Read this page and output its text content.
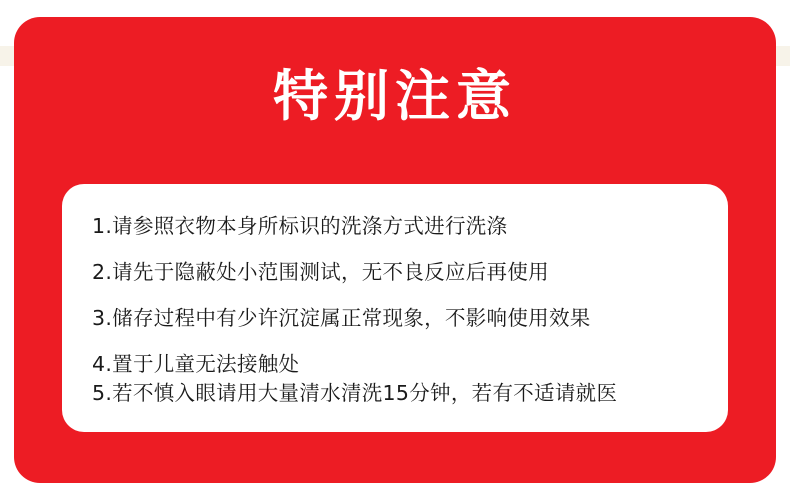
特别注意
1.请参照衣物本身所标识的洗涤方式进行洗涤
2.请先于隐蔽处小范围测试，无不良反应后再使用
3.储存过程中有少许沉淀属正常现象，不影响使用效果
4.置于儿童无法接触处
5.若不慎入眼请用大量清水清洗15分钟，若有不适请就医
